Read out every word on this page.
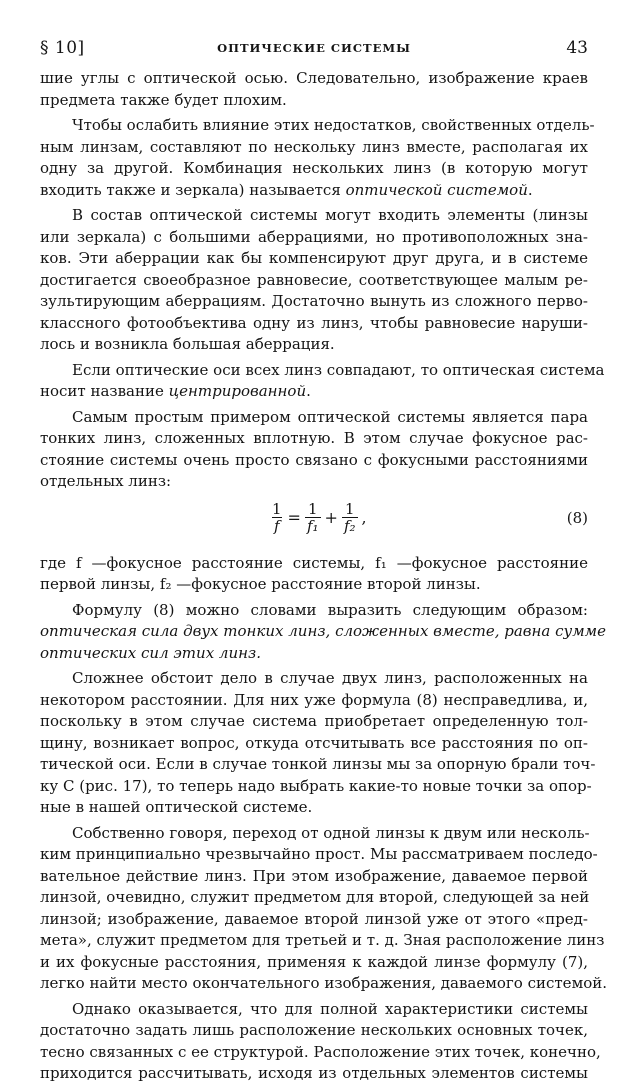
§ 10]	ОПТИЧЕСКИЕ СИСТЕМЫ	43
шие углы с оптической осью. Следовательно, изображение краев
предмета также будет плохим.
Чтобы ослабить влияние этих недостатков, свойственных отдель-
ным линзам, составляют по нескольку линз вместе, располагая их
одну за другой. Комбинация нескольких линз (в которую могут
входить также и зеркала) называется оптической системой.
В состав оптической системы могут входить элементы (линзы
или зеркала) с большими аберрациями, но противоположных зна-
ков. Эти аберрации как бы компенсируют друг друга, и в системе
достигается своеобразное равновесие, соответствующее малым ре-
зультирующим аберрациям. Достаточно вынуть из сложного перво-
классного фотообъектива одну из линз, чтобы равновесие наруши-
лось и возникла большая аберрация.
Если оптические оси всех линз совпадают, то оптическая система
носит название центрированной.
Самым простым примером оптической системы является пара
тонких линз, сложенных вплотную. В этом случае фокусное рас-
стояние системы очень просто связано с фокусными расстояниями
отдельных линз:
$\frac{1}{f} = \frac{1}{\text{f₁}} + \frac{1}{\text{f₂}}$ ,	(8)
где f —фокусное расстояние системы, f₁ —фокусное расстояние
первой линзы, f₂ —фокусное расстояние второй линзы.
Формулу (8) можно словами выразить следующим образом:
оптическая сила двух тонких линз, сложенных вместе, равна сумме
оптических сил этих линз.
Сложнее обстоит дело в случае двух линз, расположенных на
некотором расстоянии. Для них уже формула (8) несправедлива, и,
поскольку в этом случае система приобретает определенную тол-
щину, возникает вопрос, откуда отсчитывать все расстояния по оп-
тической оси. Если в случае тонкой линзы мы за опорную брали точ-
ку C (рис. 17), то теперь надо выбрать какие-то новые точки за опор-
ные в нашей оптической системе.
Собственно говоря, переход от одной линзы к двум или несколь-
ким принципиально чрезвычайно прост. Мы рассматриваем последо-
вательное действие линз. При этом изображение, даваемое первой
линзой, очевидно, служит предметом для второй, следующей за ней
линзой; изображение, даваемое второй линзой уже от этого «пред-
мета», служит предметом для третьей и т. д. Зная расположение линз
и их фокусные расстояния, применяя к каждой линзе формулу (7),
легко найти место окончательного изображения, даваемого системой.
Однако оказывается, что для полной характеристики системы
достаточно задать лишь расположение нескольких основных точек,
тесно связанных с ее структурой. Расположение этих точек, конечно,
приходится рассчитывать, исходя из отдельных элементов системы
